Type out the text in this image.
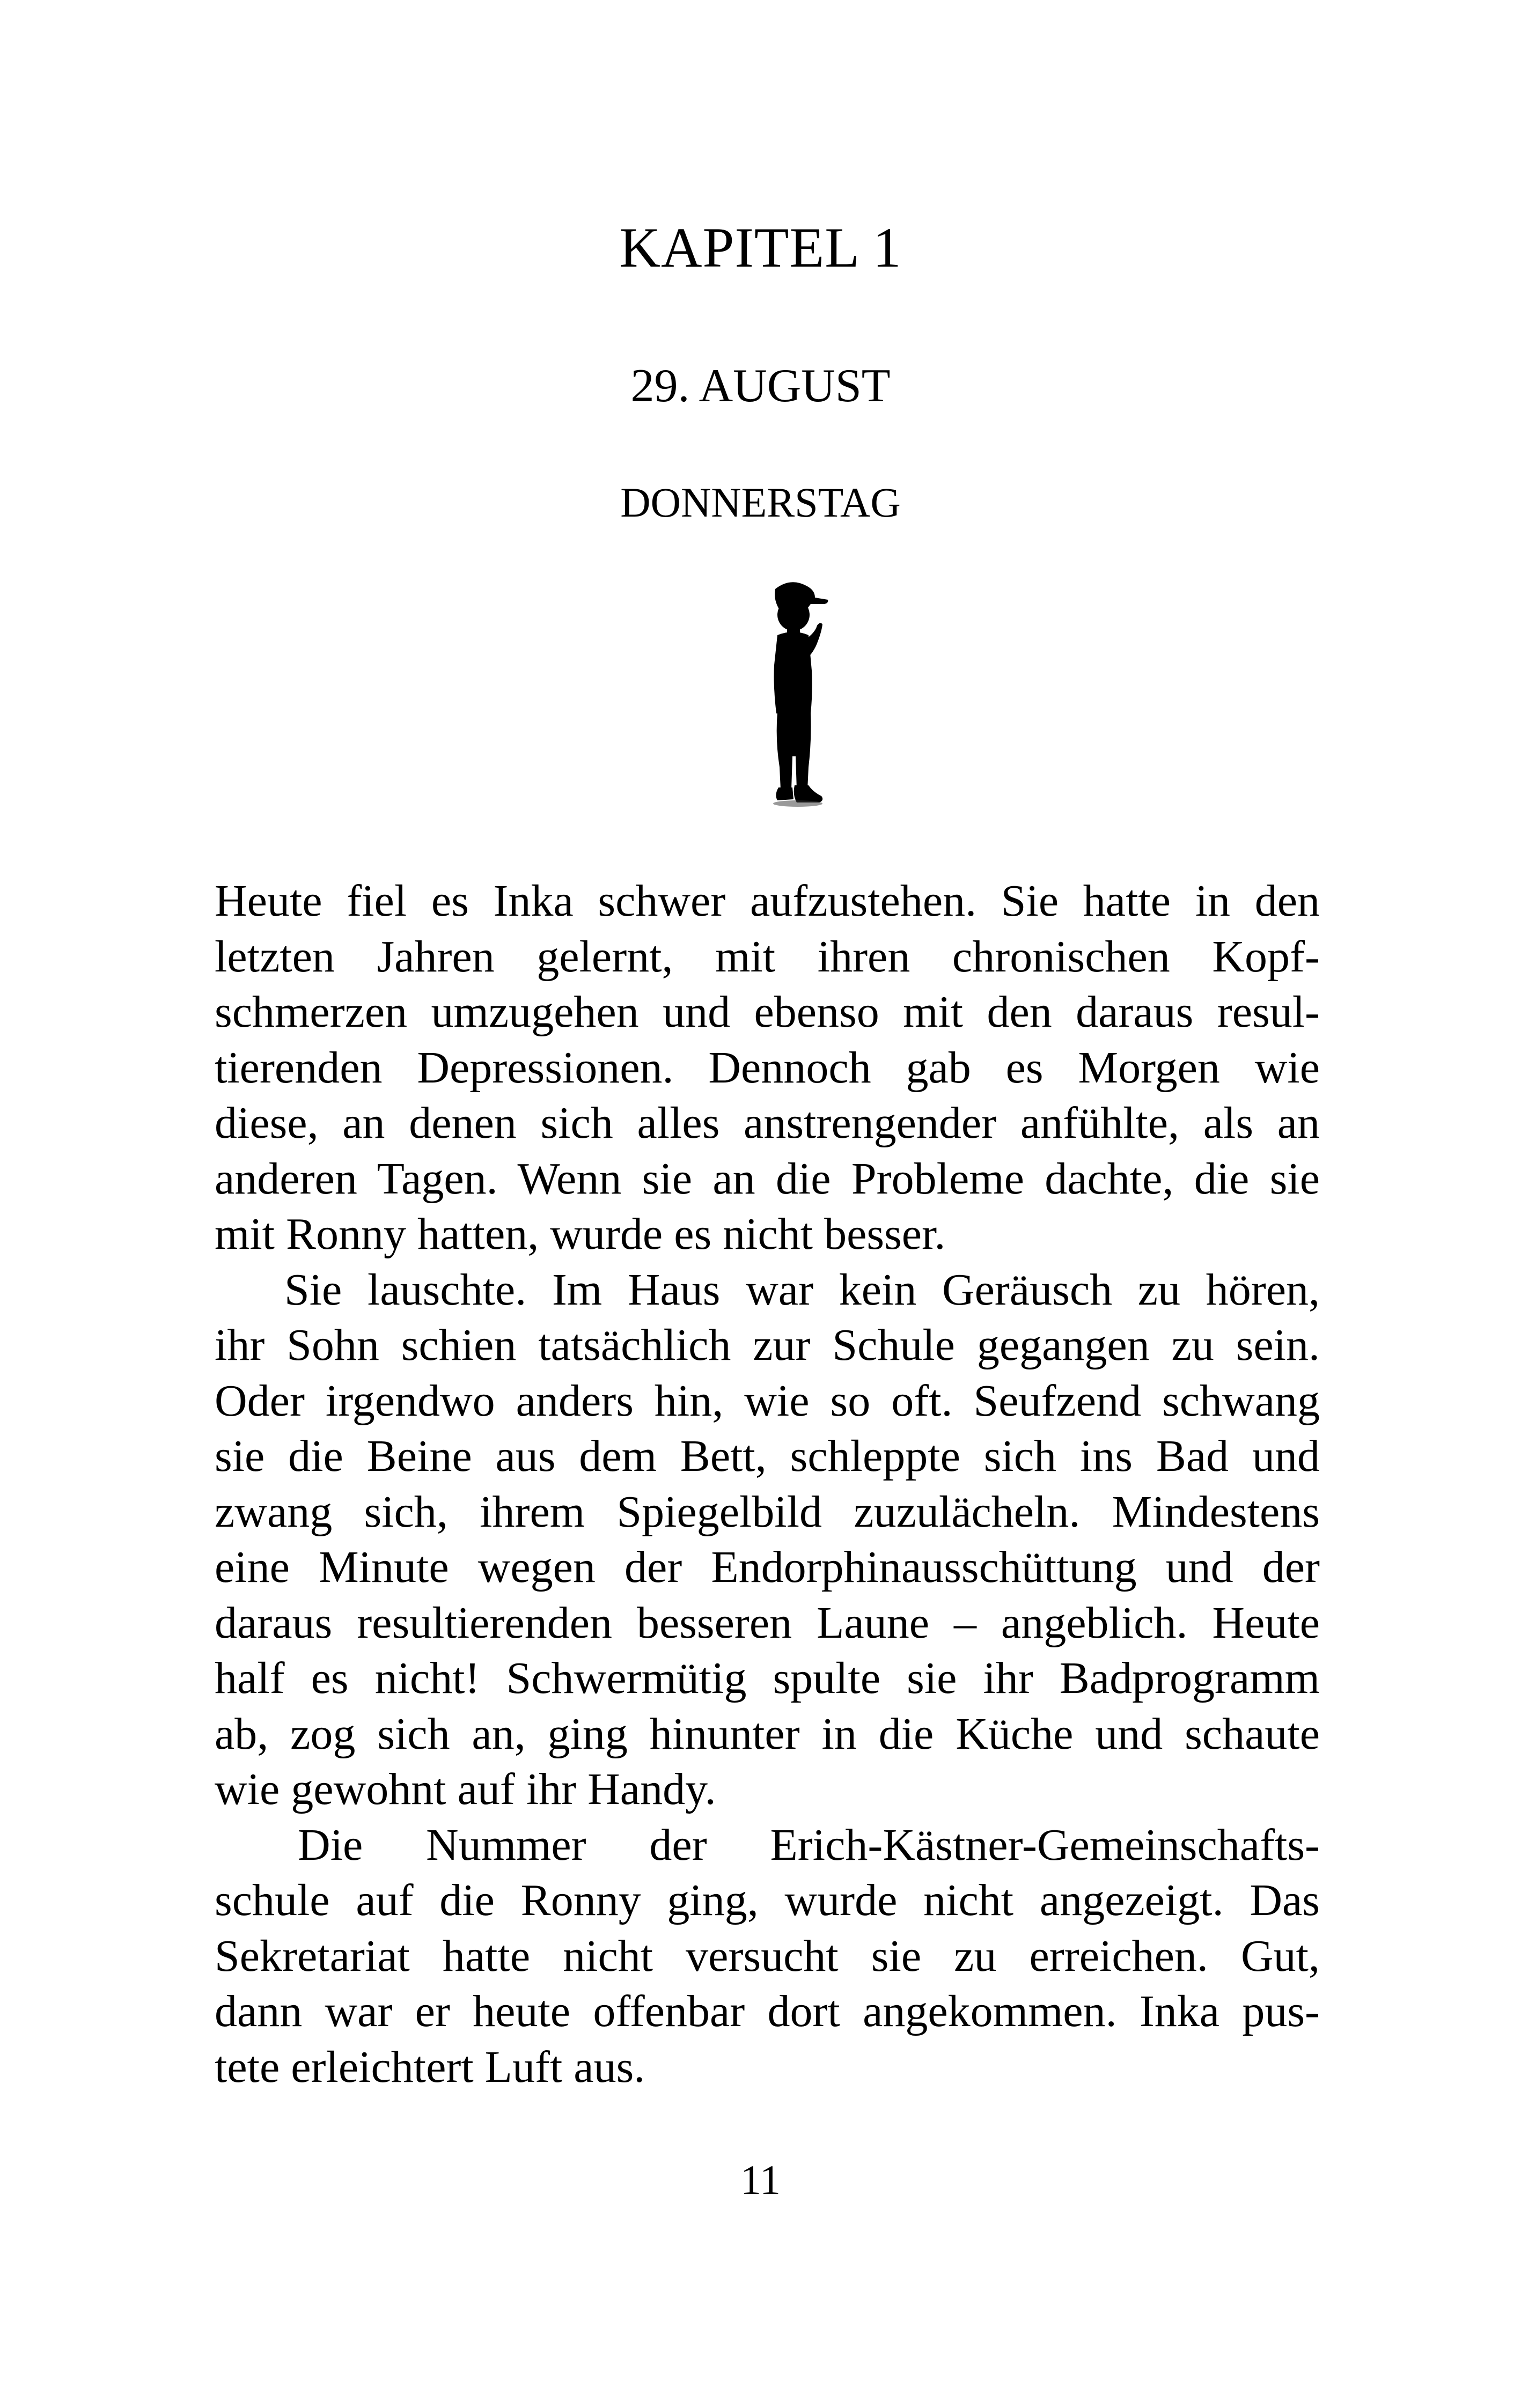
KAPITEL 1
29. AUGUST
DONNERSTAG
Heute fiel es Inka schwer aufzustehen. Sie hatte in den
letzten Jahren gelernt, mit ihren chronischen Kopf-
schmerzen umzugehen und ebenso mit den daraus resul-
tierenden Depressionen. Dennoch gab es Morgen wie
diese, an denen sich alles anstrengender anfühlte, als an
anderen Tagen. Wenn sie an die Probleme dachte, die sie
mit Ronny hatten, wurde es nicht besser.
Sie lauschte. Im Haus war kein Geräusch zu hören,
ihr Sohn schien tatsächlich zur Schule gegangen zu sein.
Oder irgendwo anders hin, wie so oft. Seufzend schwang
sie die Beine aus dem Bett, schleppte sich ins Bad und
zwang sich, ihrem Spiegelbild zuzulächeln. Mindestens
eine Minute wegen der Endorphinausschüttung und der
daraus resultierenden besseren Laune – angeblich. Heute
half es nicht! Schwermütig spulte sie ihr Badprogramm
ab, zog sich an, ging hinunter in die Küche und schaute
wie gewohnt auf ihr Handy.
Die Nummer der Erich-Kästner-Gemeinschafts-
schule auf die Ronny ging, wurde nicht angezeigt. Das
Sekretariat hatte nicht versucht sie zu erreichen. Gut,
dann war er heute offenbar dort angekommen. Inka pus-
tete erleichtert Luft aus.
11
